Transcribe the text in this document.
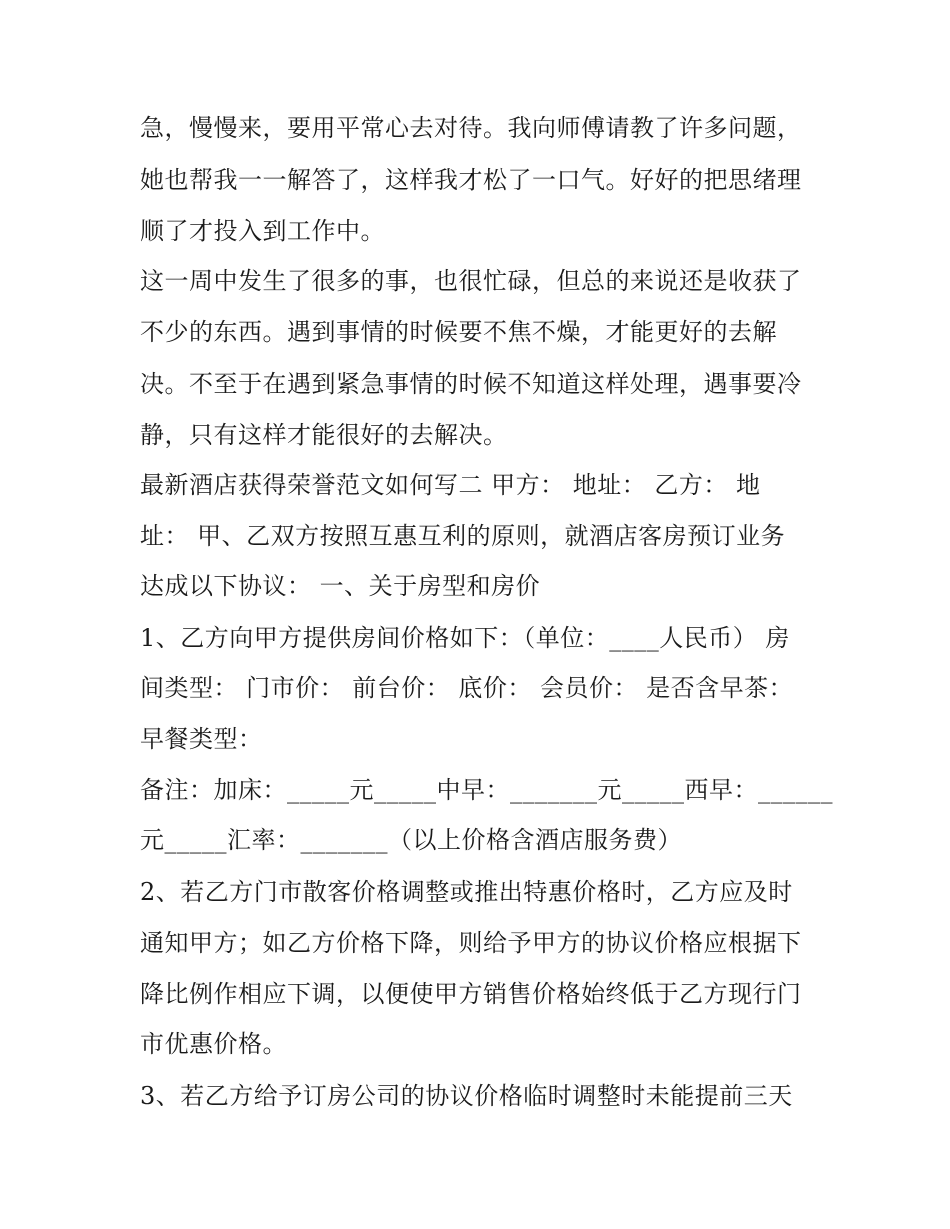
急，慢慢来，要用平常心去对待。我向师傅请教了许多问题，
她也帮我一一解答了，这样我才松了一口气。好好的把思绪理
顺了才投入到工作中。
这一周中发生了很多的事，也很忙碌，但总的来说还是收获了
不少的东西。遇到事情的时候要不焦不燥，才能更好的去解
决。不至于在遇到紧急事情的时候不知道这样处理，遇事要冷
静，只有这样才能很好的去解决。
最新酒店获得荣誉范文如何写二 甲方： 地址： 乙方： 地
址： 甲、乙双方按照互惠互利的原则，就酒店客房预订业务
达成以下协议： 一、关于房型和房价
1、乙方向甲方提供房间价格如下：（单位：____人民币） 房
间类型： 门市价： 前台价： 底价： 会员价： 是否含早茶：
早餐类型：
备注：加床：_____元_____中早：_______元_____西早：______
元_____汇率：_______（以上价格含酒店服务费）
2、若乙方门市散客价格调整或推出特惠价格时，乙方应及时
通知甲方；如乙方价格下降，则给予甲方的协议价格应根据下
降比例作相应下调，以便使甲方销售价格始终低于乙方现行门
市优惠价格。
3、若乙方给予订房公司的协议价格临时调整时未能提前三天
